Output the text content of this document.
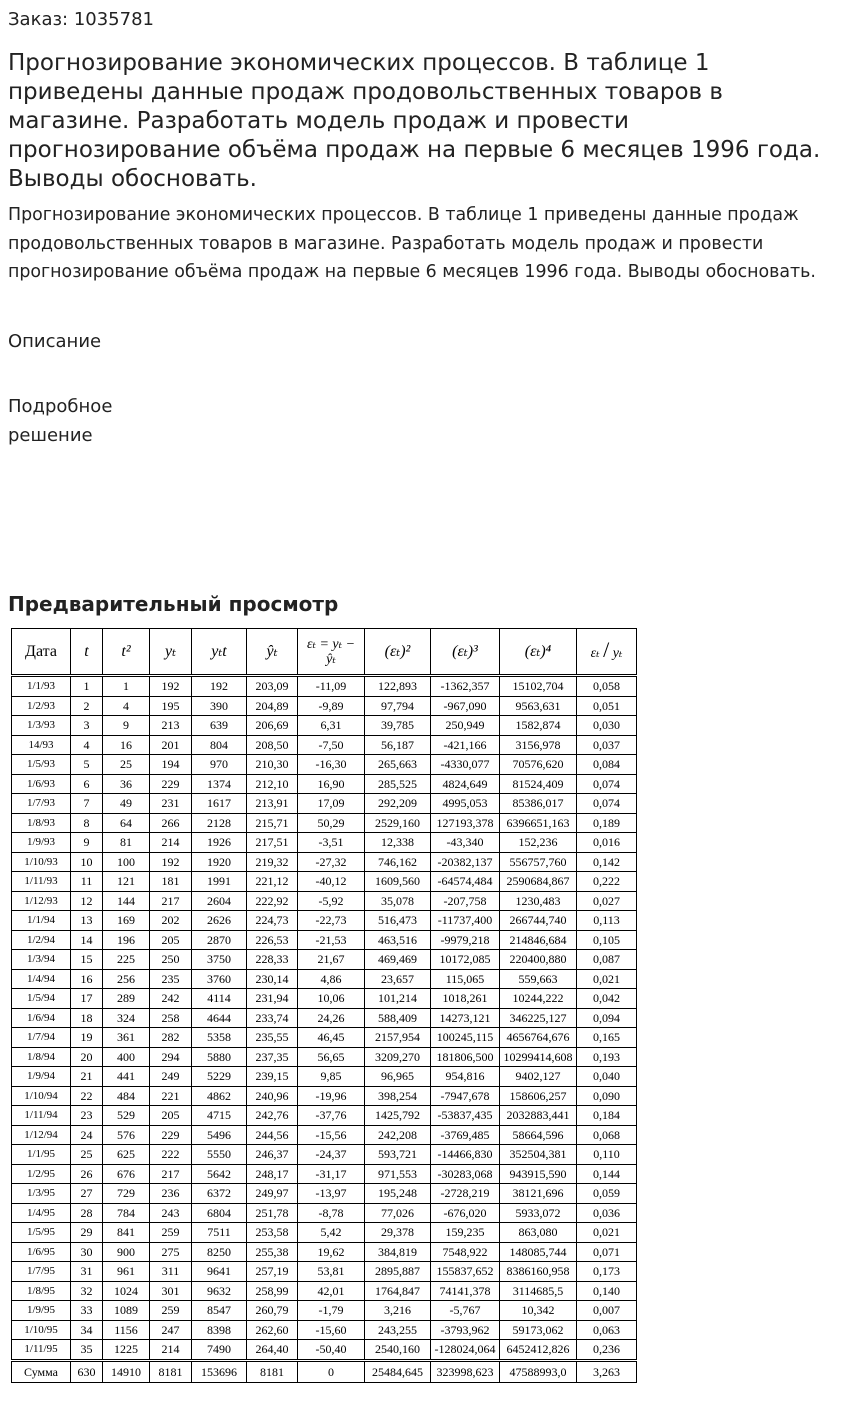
Заказ: 1035781
Прогнозирование экономических процессов. В таблице 1 приведены данные продаж продовольственных товаров в магазине. Разработать модель продаж и провести прогнозирование объёма продаж на первые 6 месяцев 1996 года. Выводы обосновать.

Прогнозирование экономических процессов. В таблице 1 приведены данные продаж продовольственных товаров в магазине. Разработать модель продаж и провести прогнозирование объёма продаж на первые 6 месяцев 1996 года. Выводы обосновать.

Описание
Подробное решение
Предварительный просмотр
Дата	t	t²	yₜ	yₜt	ŷₜ	εₜ = yₜ −
ŷₜ	(εₜ)²	(εₜ)³	(εₜ)⁴	εₜ / yₜ
1/1/93	1	1	192	192	203,09	-11,09	122,893	-1362,357	15102,704	0,058
1/2/93	2	4	195	390	204,89	-9,89	97,794	-967,090	9563,631	0,051
1/3/93	3	9	213	639	206,69	6,31	39,785	250,949	1582,874	0,030
14/93	4	16	201	804	208,50	-7,50	56,187	-421,166	3156,978	0,037
1/5/93	5	25	194	970	210,30	-16,30	265,663	-4330,077	70576,620	0,084
1/6/93	6	36	229	1374	212,10	16,90	285,525	4824,649	81524,409	0,074
1/7/93	7	49	231	1617	213,91	17,09	292,209	4995,053	85386,017	0,074
1/8/93	8	64	266	2128	215,71	50,29	2529,160	127193,378	6396651,163	0,189
1/9/93	9	81	214	1926	217,51	-3,51	12,338	-43,340	152,236	0,016
1/10/93	10	100	192	1920	219,32	-27,32	746,162	-20382,137	556757,760	0,142
1/11/93	11	121	181	1991	221,12	-40,12	1609,560	-64574,484	2590684,867	0,222
1/12/93	12	144	217	2604	222,92	-5,92	35,078	-207,758	1230,483	0,027
1/1/94	13	169	202	2626	224,73	-22,73	516,473	-11737,400	266744,740	0,113
1/2/94	14	196	205	2870	226,53	-21,53	463,516	-9979,218	214846,684	0,105
1/3/94	15	225	250	3750	228,33	21,67	469,469	10172,085	220400,880	0,087
1/4/94	16	256	235	3760	230,14	4,86	23,657	115,065	559,663	0,021
1/5/94	17	289	242	4114	231,94	10,06	101,214	1018,261	10244,222	0,042
1/6/94	18	324	258	4644	233,74	24,26	588,409	14273,121	346225,127	0,094
1/7/94	19	361	282	5358	235,55	46,45	2157,954	100245,115	4656764,676	0,165
1/8/94	20	400	294	5880	237,35	56,65	3209,270	181806,500	10299414,608	0,193
1/9/94	21	441	249	5229	239,15	9,85	96,965	954,816	9402,127	0,040
1/10/94	22	484	221	4862	240,96	-19,96	398,254	-7947,678	158606,257	0,090
1/11/94	23	529	205	4715	242,76	-37,76	1425,792	-53837,435	2032883,441	0,184
1/12/94	24	576	229	5496	244,56	-15,56	242,208	-3769,485	58664,596	0,068
1/1/95	25	625	222	5550	246,37	-24,37	593,721	-14466,830	352504,381	0,110
1/2/95	26	676	217	5642	248,17	-31,17	971,553	-30283,068	943915,590	0,144
1/3/95	27	729	236	6372	249,97	-13,97	195,248	-2728,219	38121,696	0,059
1/4/95	28	784	243	6804	251,78	-8,78	77,026	-676,020	5933,072	0,036
1/5/95	29	841	259	7511	253,58	5,42	29,378	159,235	863,080	0,021
1/6/95	30	900	275	8250	255,38	19,62	384,819	7548,922	148085,744	0,071
1/7/95	31	961	311	9641	257,19	53,81	2895,887	155837,652	8386160,958	0,173
1/8/95	32	1024	301	9632	258,99	42,01	1764,847	74141,378	3114685,5	0,140
1/9/95	33	1089	259	8547	260,79	-1,79	3,216	-5,767	10,342	0,007
1/10/95	34	1156	247	8398	262,60	-15,60	243,255	-3793,962	59173,062	0,063
1/11/95	35	1225	214	7490	264,40	-50,40	2540,160	-128024,064	6452412,826	0,236
Сумма	630	14910	8181	153696	8181	0	25484,645	323998,623	47588993,0	3,263
